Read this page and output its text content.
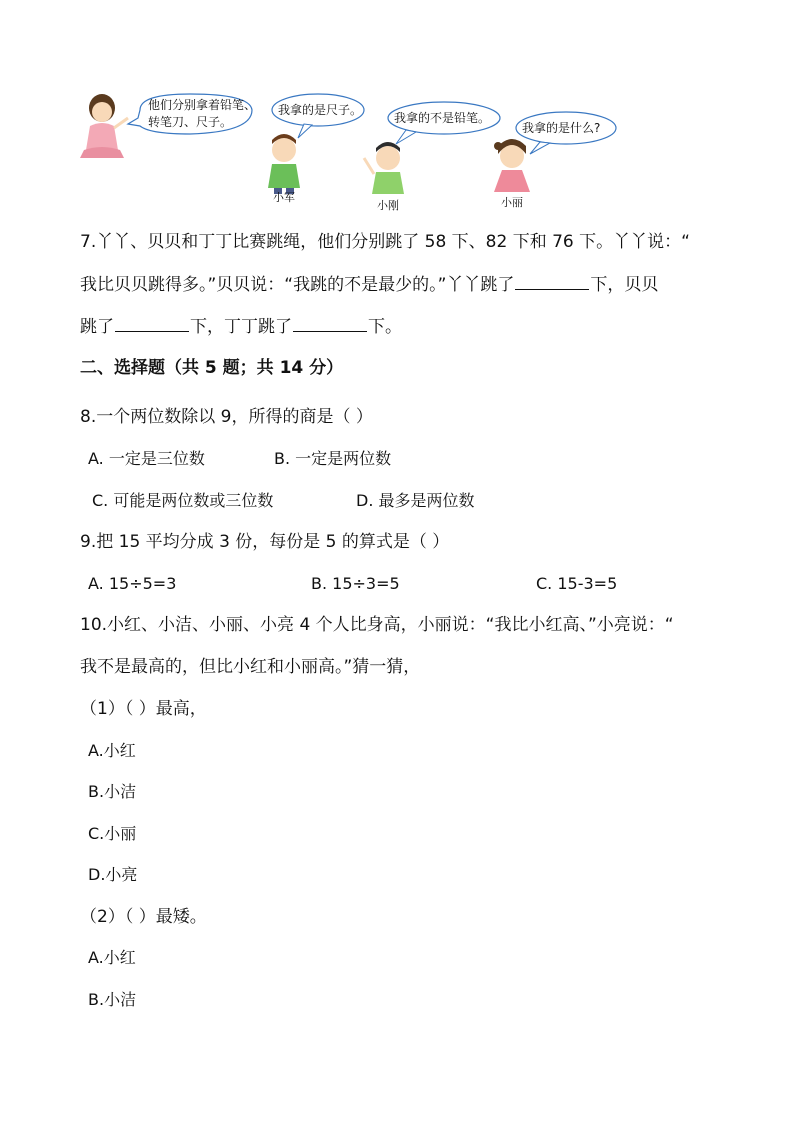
他们分别拿着铅笔、
转笔刀、尺子。
我拿的是尺子。
我拿的不是铅笔。
我拿的是什么?
小军
小刚	小丽
7.丫丫、贝贝和丁丁比赛跳绳，他们分别跳了 58 下、82 下和 76 下。丫丫说：“
我比贝贝跳得多。”贝贝说：“我跳的不是最少的。”丫丫跳了	下，贝贝
跳了	下，丁丁跳了	下。
二、选择题（共 5 题；共 14 分）
8.一个两位数除以 9，所得的商是（ ）
A. 一定是三位数	B. 一定是两位数
C. 可能是两位数或三位数	D. 最多是两位数
9.把 15 平均分成 3 份，每份是 5 的算式是（ ）
A. 15÷5=3	B. 15÷3=5	C. 15-3=5
10.小红、小洁、小丽、小亮 4 个人比身高，小丽说：“我比小红高、”小亮说：“
我不是最高的，但比小红和小丽高。”猜一猜，
（1）（ ）最高，
A.小红
B.小洁
C.小丽
D.小亮
（2）（ ）最矮。
A.小红
B.小洁
